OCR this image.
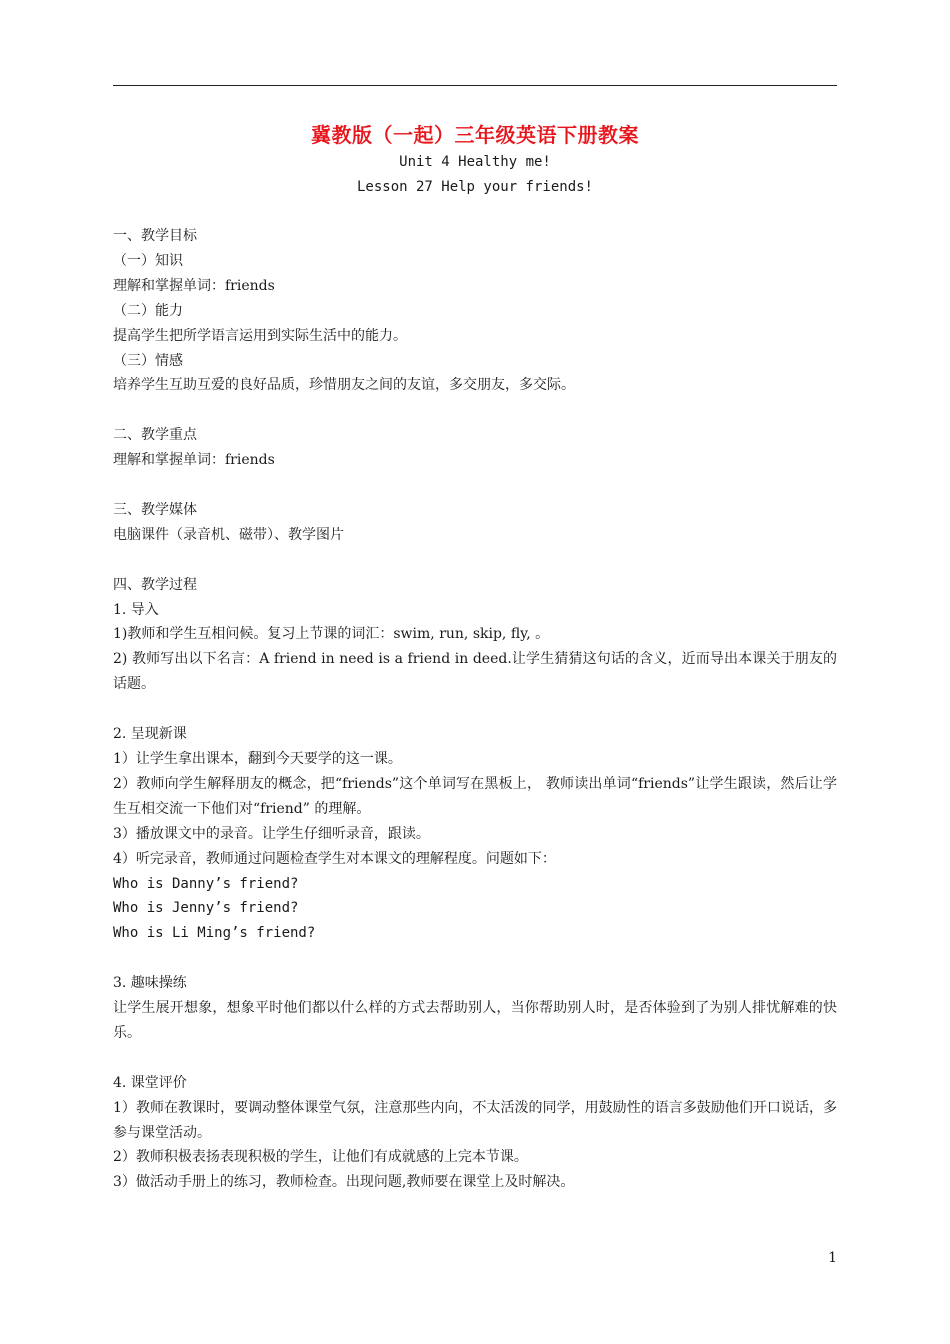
冀教版（一起）三年级英语下册教案
Unit 4 Healthy me!
Lesson 27 Help your friends!
一、教学目标
（一）知识
理解和掌握单词：friends
（二）能力
提高学生把所学语言运用到实际生活中的能力。
（三）情感
培养学生互助互爱的良好品质，珍惜朋友之间的友谊，多交朋友，多交际。
二、教学重点
理解和掌握单词：friends
三、教学媒体
电脑课件（录音机、磁带）、教学图片
四、教学过程
1. 导入
1)教师和学生互相问候。复习上节课的词汇：swim, run, skip, fly, 。
2) 教师写出以下名言：A friend in need is a friend in deed.让学生猜猜这句话的含义，近而导出本课关于朋友的话题。
2. 呈现新课
1）让学生拿出课本，翻到今天要学的这一课。
2）教师向学生解释朋友的概念，把“friends”这个单词写在黑板上， 教师读出单词“friends”让学生跟读，然后让学生互相交流一下他们对“friend” 的理解。
3）播放课文中的录音。让学生仔细听录音，跟读。
4）听完录音，教师通过问题检查学生对本课文的理解程度。问题如下：
Who is Danny’s friend?
Who is Jenny’s friend?
Who is Li Ming’s friend?
3. 趣味操练
让学生展开想象，想象平时他们都以什么样的方式去帮助别人，当你帮助别人时，是否体验到了为别人排忧解难的快乐。
4. 课堂评价
1）教师在教课时，要调动整体课堂气氛，注意那些内向，不太活泼的同学，用鼓励性的语言多鼓励他们开口说话，多参与课堂活动。
2）教师积极表扬表现积极的学生，让他们有成就感的上完本节课。
3）做活动手册上的练习，教师检查。出现问题,教师要在课堂上及时解决。
1
